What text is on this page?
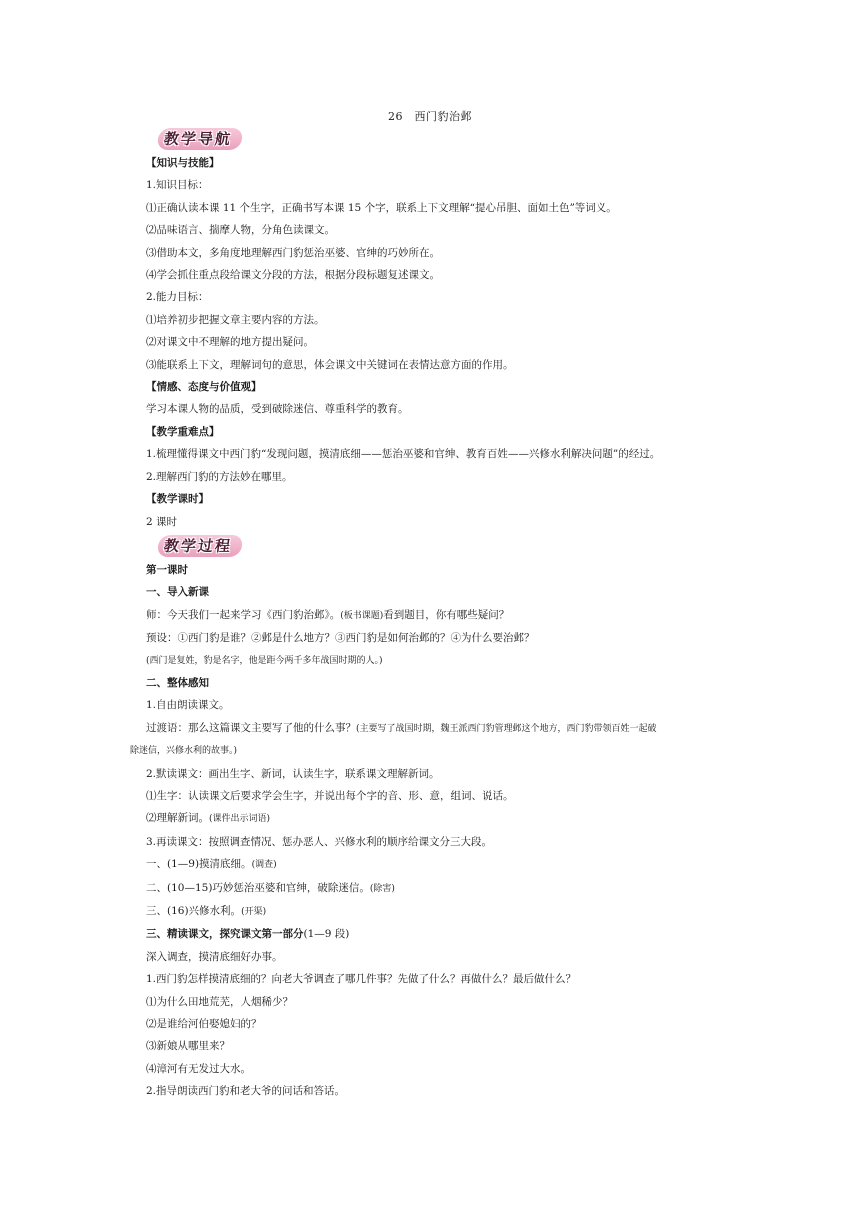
26　西门豹治邺
教学导航
【知识与技能】
1.知识目标：
⑴正确认读本课 11 个生字，正确书写本课 15 个字，联系上下文理解“提心吊胆、面如土色”等词义。
⑵品味语言、揣摩人物，分角色读课文。
⑶借助本文，多角度地理解西门豹惩治巫婆、官绅的巧妙所在。
⑷学会抓住重点段给课文分段的方法，根据分段标题复述课文。
2.能力目标：
⑴培养初步把握文章主要内容的方法。
⑵对课文中不理解的地方提出疑问。
⑶能联系上下文，理解词句的意思，体会课文中关键词在表情达意方面的作用。
【情感、态度与价值观】
学习本课人物的品质，受到破除迷信、尊重科学的教育。
【教学重难点】
1.梳理懂得课文中西门豹“发现问题，摸清底细——惩治巫婆和官绅、教育百姓——兴修水利解决问题”的经过。
2.理解西门豹的方法妙在哪里。
【教学课时】
2 课时
教学过程
第一课时
一、导入新课
师：今天我们一起来学习《西门豹治邺》。(板书课题)看到题目，你有哪些疑问？
预设：①西门豹是谁？②邺是什么地方？③西门豹是如何治邺的？④为什么要治邺？
(西门是复姓，豹是名字，他是距今两千多年战国时期的人。)
二、整体感知
1.自由朗读课文。
过渡语：那么这篇课文主要写了他的什么事？(主要写了战国时期，魏王派西门豹管理邺这个地方，西门豹带领百姓一起破
除迷信，兴修水利的故事。)
2.默读课文：画出生字、新词，认读生字，联系课文理解新词。
⑴生字：认读课文后要求学会生字，并说出每个字的音、形、意，组词、说话。
⑵理解新词。(课件出示词语)
3.再读课文：按照调查情况、惩办恶人、兴修水利的顺序给课文分三大段。
一、(1—9)摸清底细。(调查)
二、(10—15)巧妙惩治巫婆和官绅，破除迷信。(除害)
三、(16)兴修水利。(开渠)
三、精读课文，探究课文第一部分(1—9 段)
深入调查，摸清底细好办事。
1.西门豹怎样摸清底细的？向老大爷调查了哪几件事？先做了什么？再做什么？最后做什么？
⑴为什么田地荒芜，人烟稀少？
⑵是谁给河伯娶媳妇的？
⑶新娘从哪里来？
⑷漳河有无发过大水。
2.指导朗读西门豹和老大爷的问话和答话。
